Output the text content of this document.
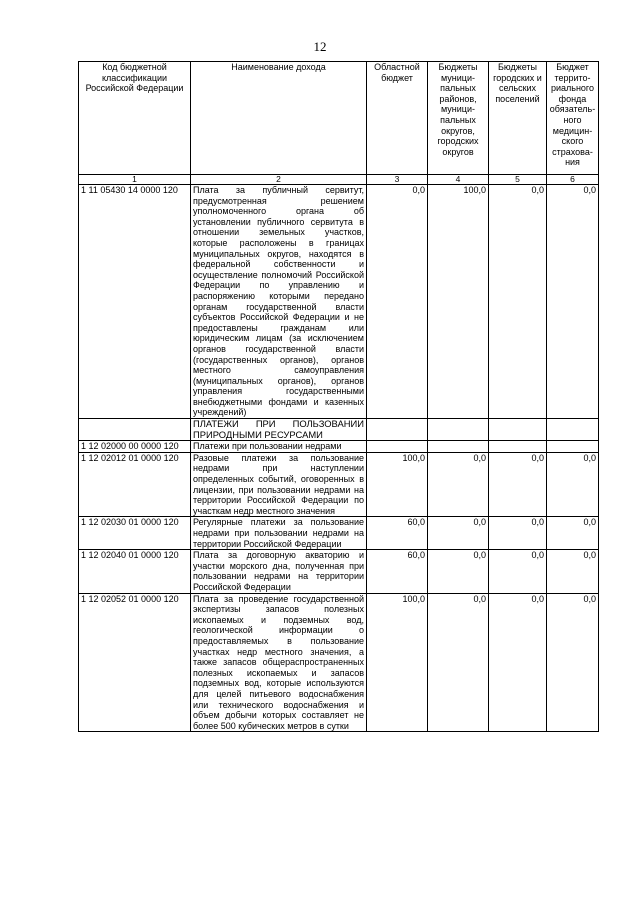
12
Код бюджетной классификации Российской Федерации	Наименование дохода	Областной бюджет	Бюджеты муници-пальных районов, муници-пальных округов, городских округов	Бюджеты городских и сельских поселений	Бюджет террито-риального фонда обязатель-ного медицин-ского страхова-ния
1	2	3	4	5	6
1 11 05430 14 0000 120	Плата за публичный сервитут, предусмотренная решением уполномоченного органа об установлении публичного сервитута в отношении земельных участков, которые расположены в границах муниципальных округов, находятся в федеральной собственности и осуществление полномочий Российской Федерации по управлению и распоряжению которыми передано органам государственной власти субъектов Российской Федерации и не предоставлены гражданам или юридическим лицам (за исключением органов государственной власти (государственных органов), органов местного самоуправления (муниципальных органов), органов управления государственными внебюджетными фондами и казенных учреждений)	0,0	100,0	0,0	0,0
	ПЛАТЕЖИ ПРИ ПОЛЬЗОВАНИИ ПРИРОДНЫМИ РЕСУРСАМИ				
1 12 02000 00 0000 120	Платежи при пользовании недрами				
1 12 02012 01 0000 120	Разовые платежи за пользование недрами при наступлении определенных событий, оговоренных в лицензии, при пользовании недрами на территории Российской Федерации по участкам недр местного значения	100,0	0,0	0,0	0,0
1 12 02030 01 0000 120	Регулярные платежи за пользование недрами при пользовании недрами на территории Российской Федерации	60,0	0,0	0,0	0,0
1 12 02040 01 0000 120	Плата за договорную акваторию и участки морского дна, полученная при пользовании недрами на территории Российской Федерации	60,0	0,0	0,0	0,0
1 12 02052 01 0000 120	Плата за проведение государственной экспертизы запасов полезных ископаемых и подземных вод, геологической информации о предоставляемых в пользование участках недр местного значения, а также запасов общераспространенных полезных ископаемых и запасов подземных вод, которые используются для целей питьевого водоснабжения или технического водоснабжения и объем добычи которых составляет не более 500 кубических метров в сутки	100,0	0,0	0,0	0,0
